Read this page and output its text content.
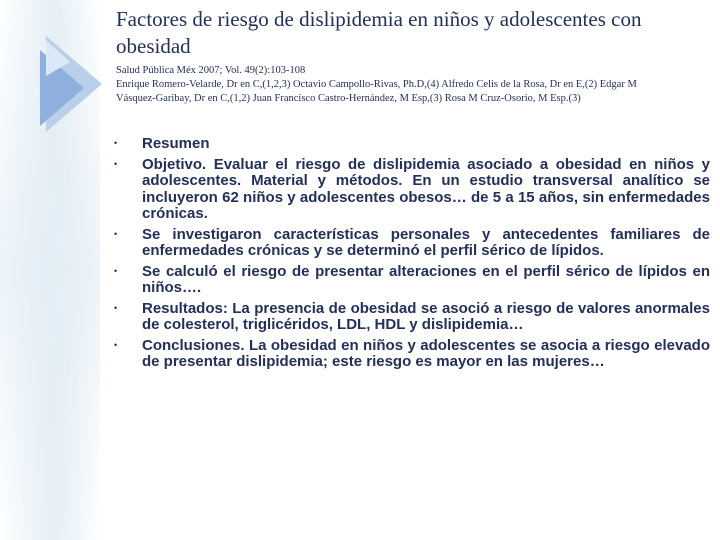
Factores de riesgo de dislipidemia en niños y adolescentes con obesidad
Salud Pública Méx 2007; Vol. 49(2):103-108
Enrique Romero-Velarde, Dr en C,(1,2,3) Octavio Campollo-Rivas, Ph.D,(4) Alfredo Celis de la Rosa, Dr en E,(2) Edgar M
Vásquez-Garibay, Dr en C,(1,2) Juan Francisco Castro-Hernández, M Esp,(3) Rosa M Cruz-Osorio, M Esp.(3)
• Resumen
• Objetivo. Evaluar el riesgo de dislipidemia asociado a obesidad en niños y adolescentes. Material y métodos. En un estudio transversal analítico se incluyeron 62 niños y adolescentes obesos… de 5 a 15 años, sin enfermedades crónicas.
• Se investigaron características personales y antecedentes familiares de enfermedades crónicas y se determinó el perfil sérico de lípidos.
• Se calculó el riesgo de presentar alteraciones en el perfil sérico de lípidos en niños….
• Resultados: La presencia de obesidad se asoció a riesgo de valores anormales de colesterol, triglicéridos, LDL, HDL y dislipidemia…
• Conclusiones. La obesidad en niños y adolescentes se asocia a riesgo elevado de presentar dislipidemia; este riesgo es mayor en las mujeres…
